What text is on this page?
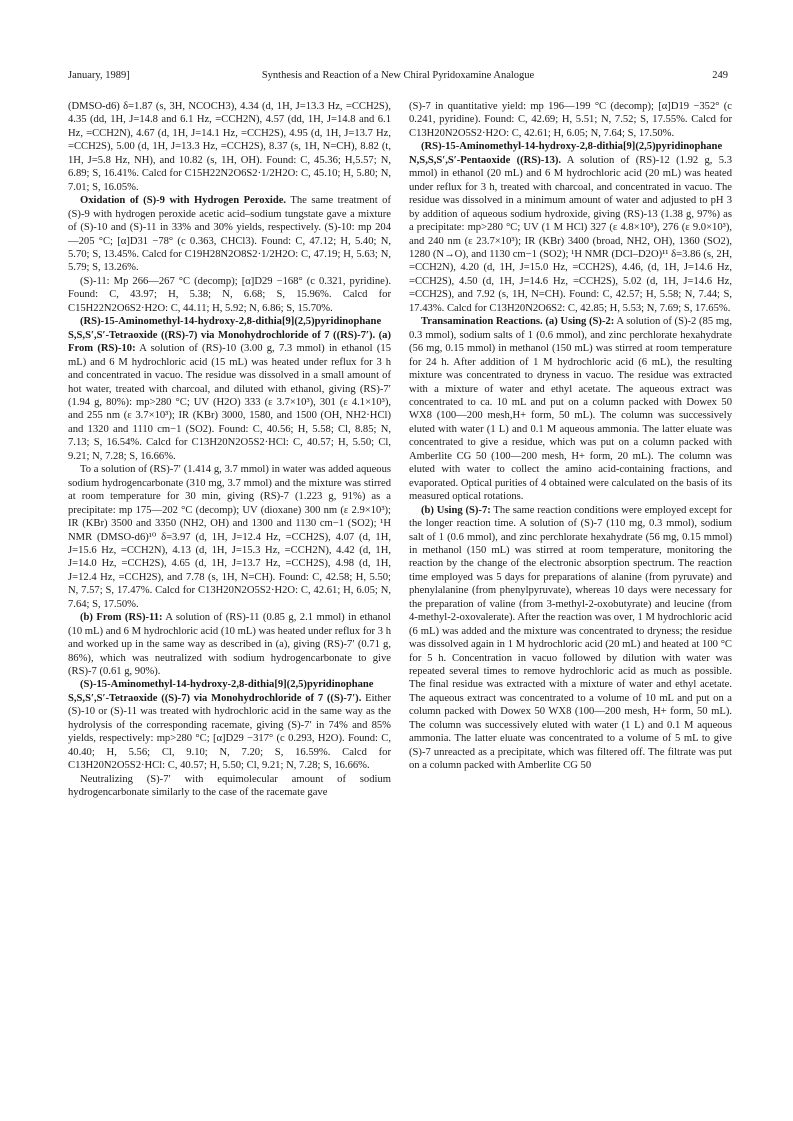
January, 1989]	Synthesis and Reaction of a New Chiral Pyridoxamine Analogue	249

(DMSO-d6) δ=1.87 (s, 3H, NCOCH3), 4.34 (d, 1H, J=13.3 Hz, =CCH2S), 4.35 (dd, 1H, J=14.8 and 6.1 Hz, =CCH2N), 4.57 (dd, 1H, J=14.8 and 6.1 Hz, =CCH2N), 4.67 (d, 1H, J=14.1 Hz, =CCH2S), 4.95 (d, 1H, J=13.7 Hz, =CCH2S), 5.00 (d, 1H, J=13.3 Hz, =CCH2S), 8.37 (s, 1H, N=CH), 8.82 (t, 1H, J=5.8 Hz, NH), and 10.82 (s, 1H, OH). Found: C, 45.36; H,5.57; N, 6.89; S, 16.41%. Calcd for C15H22N2O6S2·1/2H2O: C, 45.10; H, 5.80; N, 7.01; S, 16.05%.

Oxidation of (S)-9 with Hydrogen Peroxide. The same treatment of (S)-9 with hydrogen peroxide acetic acid–sodium tungstate gave a mixture of (S)-10 and (S)-11 in 33% and 30% yields, respectively. (S)-10: mp 204—205 °C; [α]D31 −78° (c 0.363, CHCl3). Found: C, 47.12; H, 5.40; N, 5.70; S, 13.45%. Calcd for C19H28N2O8S2·1/2H2O: C, 47.19; H, 5.63; N, 5.79; S, 13.26%.

(S)-11: Mp 266—267 °C (decomp); [α]D29 −168° (c 0.321, pyridine). Found: C, 43.97; H, 5.38; N, 6.68; S, 15.96%. Calcd for C15H22N2O6S2·H2O: C, 44.11; H, 5.92; N, 6.86; S, 15.70%.

(RS)-15-Aminomethyl-14-hydroxy-2,8-dithia[9](2,5)pyridinophane S,S,S′,S′-Tetraoxide ((RS)-7) via Monohydrochloride of 7 ((RS)-7′). (a) From (RS)-10: A solution of (RS)-10 (3.00 g, 7.3 mmol) in ethanol (15 mL) and 6 M hydrochloric acid (15 mL) was heated under reflux for 3 h and concentrated in vacuo. The residue was dissolved in a small amount of hot water, treated with charcoal, and diluted with ethanol, giving (RS)-7′ (1.94 g, 80%): mp>280 °C; UV (H2O) 333 (ε 3.7×10³), 301 (ε 4.1×10³), and 255 nm (ε 3.7×10³); IR (KBr) 3000, 1580, and 1500 (OH, NH2·HCl) and 1320 and 1110 cm−1 (SO2). Found: C, 40.56; H, 5.58; Cl, 8.85; N, 7.13; S, 16.54%. Calcd for C13H20N2O5S2·HCl: C, 40.57; H, 5.50; Cl, 9.21; N, 7.28; S, 16.66%.

To a solution of (RS)-7′ (1.414 g, 3.7 mmol) in water was added aqueous sodium hydrogencarbonate (310 mg, 3.7 mmol) and the mixture was stirred at room temperature for 30 min, giving (RS)-7 (1.223 g, 91%) as a precipitate: mp 175—202 °C (decomp); UV (dioxane) 300 nm (ε 2.9×10³); IR (KBr) 3500 and 3350 (NH2, OH) and 1300 and 1130 cm−1 (SO2); ¹H NMR (DMSO-d6)¹⁰ δ=3.97 (d, 1H, J=12.4 Hz, =CCH2S), 4.07 (d, 1H, J=15.6 Hz, =CCH2N), 4.13 (d, 1H, J=15.3 Hz, =CCH2N), 4.42 (d, 1H, J=14.0 Hz, =CCH2S), 4.65 (d, 1H, J=13.7 Hz, =CCH2S), 4.98 (d, 1H, J=12.4 Hz, =CCH2S), and 7.78 (s, 1H, N=CH). Found: C, 42.58; H, 5.50; N, 7.57; S, 17.47%. Calcd for C13H20N2O5S2·H2O: C, 42.61; H, 6.05; N, 7.64; S, 17.50%.

(b) From (RS)-11: A solution of (RS)-11 (0.85 g, 2.1 mmol) in ethanol (10 mL) and 6 M hydrochloric acid (10 mL) was heated under reflux for 3 h and worked up in the same way as described in (a), giving (RS)-7′ (0.71 g, 86%), which was neutralized with sodium hydrogencarbonate to give (RS)-7 (0.61 g, 90%).

(S)-15-Aminomethyl-14-hydroxy-2,8-dithia[9](2,5)pyridinophane S,S,S′,S′-Tetraoxide ((S)-7) via Monohydrochloride of 7 ((S)-7′). Either (S)-10 or (S)-11 was treated with hydrochloric acid in the same way as the hydrolysis of the corresponding racemate, giving (S)-7′ in 74% and 85% yields, respectively: mp>280 °C; [α]D29 −317° (c 0.293, H2O). Found: C, 40.40; H, 5.56; Cl, 9.10; N, 7.20; S, 16.59%. Calcd for C13H20N2O5S2·HCl: C, 40.57; H, 5.50; Cl, 9.21; N, 7.28; S, 16.66%.

Neutralizing (S)-7′ with equimolecular amount of sodium hydrogencarbonate similarly to the case of the racemate gave

(S)-7 in quantitative yield: mp 196—199 °C (decomp); [α]D19 −352° (c 0.241, pyridine). Found: C, 42.69; H, 5.51; N, 7.52; S, 17.55%. Calcd for C13H20N2O5S2·H2O: C, 42.61; H, 6.05; N, 7.64; S, 17.50%.

(RS)-15-Aminomethyl-14-hydroxy-2,8-dithia[9](2,5)pyridinophane N,S,S,S′,S′-Pentaoxide ((RS)-13). A solution of (RS)-12 (1.92 g, 5.3 mmol) in ethanol (20 mL) and 6 M hydrochloric acid (20 mL) was heated under reflux for 3 h, treated with charcoal, and concentrated in vacuo. The residue was dissolved in a minimum amount of water and adjusted to pH 3 by addition of aqueous sodium hydroxide, giving (RS)-13 (1.38 g, 97%) as a precipitate: mp>280 °C; UV (1 M HCl) 327 (ε 4.8×10³), 276 (ε 9.0×10³), and 240 nm (ε 23.7×10³); IR (KBr) 3400 (broad, NH2, OH), 1360 (SO2), 1280 (N→O), and 1130 cm−1 (SO2); ¹H NMR (DCl–D2O)¹¹ δ=3.86 (s, 2H, =CCH2N), 4.20 (d, 1H, J=15.0 Hz, =CCH2S), 4.46, (d, 1H, J=14.6 Hz, =CCH2S), 4.50 (d, 1H, J=14.6 Hz, =CCH2S), 5.02 (d, 1H, J=14.6 Hz, =CCH2S), and 7.92 (s, 1H, N=CH). Found: C, 42.57; H, 5.58; N, 7.44; S, 17.43%. Calcd for C13H20N2O6S2: C, 42.85; H, 5.53; N, 7.69; S, 17.65%.

Transamination Reactions. (a) Using (S)-2: A solution of (S)-2 (85 mg, 0.3 mmol), sodium salts of 1 (0.6 mmol), and zinc perchlorate hexahydrate (56 mg, 0.15 mmol) in methanol (150 mL) was stirred at room temperature for 24 h. After addition of 1 M hydrochloric acid (6 mL), the resulting mixture was concentrated to dryness in vacuo. The residue was extracted with a mixture of water and ethyl acetate. The aqueous extract was concentrated to ca. 10 mL and put on a column packed with Dowex 50 WX8 (100—200 mesh,H+ form, 50 mL). The column was successively eluted with water (1 L) and 0.1 M aqueous ammonia. The latter eluate was concentrated to give a residue, which was put on a column packed with Amberlite CG 50 (100—200 mesh, H+ form, 20 mL). The column was eluted with water to collect the amino acid-containing fractions, and evaporated. Optical purities of 4 obtained were calculated on the basis of its measured optical rotations.

(b) Using (S)-7: The same reaction conditions were employed except for the longer reaction time. A solution of (S)-7 (110 mg, 0.3 mmol), sodium salt of 1 (0.6 mmol), and zinc perchlorate hexahydrate (56 mg, 0.15 mmol) in methanol (150 mL) was stirred at room temperature, monitoring the reaction by the change of the electronic absorption spectrum. The reaction time employed was 5 days for preparations of alanine (from pyruvate) and phenylalanine (from phenylpyruvate), whereas 10 days were necessary for the preparation of valine (from 3-methyl-2-oxobutyrate) and leucine (from 4-methyl-2-oxovalerate). After the reaction was over, 1 M hydrochloric acid (6 mL) was added and the mixture was concentrated to dryness; the residue was dissolved again in 1 M hydrochloric acid (20 mL) and heated at 100 °C for 5 h. Concentration in vacuo followed by dilution with water was repeated several times to remove hydrochloric acid as much as possible. The final residue was extracted with a mixture of water and ethyl acetate. The aqueous extract was concentrated to a volume of 10 mL and put on a column packed with Dowex 50 WX8 (100—200 mesh, H+ form, 50 mL). The column was successively eluted with water (1 L) and 0.1 M aqueous ammonia. The latter eluate was concentrated to a volume of 5 mL to give (S)-7 unreacted as a precipitate, which was filtered off. The filtrate was put on a column packed with Amberlite CG 50
